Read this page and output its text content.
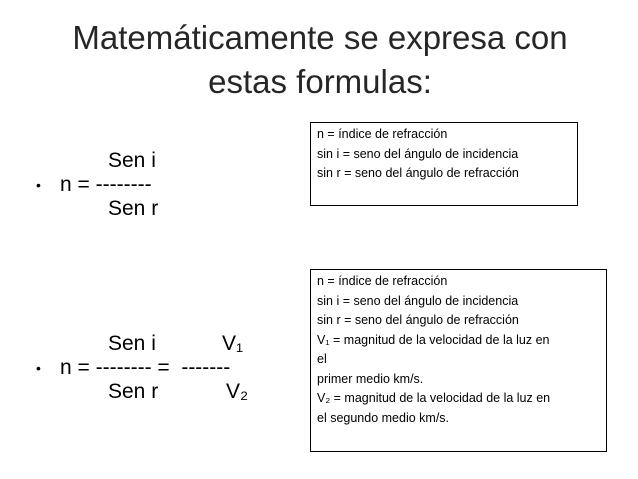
Matemáticamente se expresa con
estas formulas:
Sen i
• n = --------
Sen r
Sen i	V₁
• n = -------- =  -------
Sen r	V₂
n = índice de refracción
sin i = seno del ángulo de incidencia
sin r = seno del ángulo de refracción
n = índice de refracción
sin i = seno del ángulo de incidencia
sin r = seno del ángulo de refracción
V₁ = magnitud de la velocidad de la luz en
el
primer medio km/s.
V₂ = magnitud de la velocidad de la luz en
el segundo medio km/s.
